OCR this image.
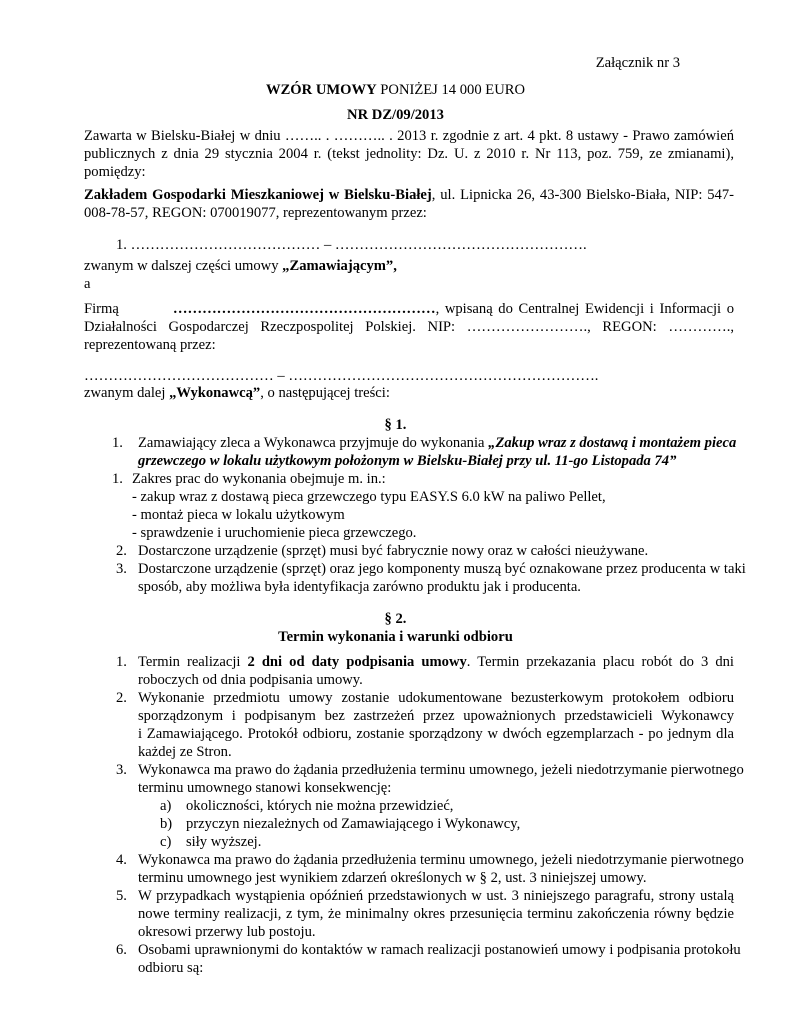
Załącznik nr 3
WZÓR UMOWY PONIŻEJ 14 000 EURO
NR DZ/09/2013
Zawarta w Bielsku-Białej w dniu …….. . ……….. . 2013 r. zgodnie z art. 4 pkt. 8 ustawy - Prawo zamówień
publicznych z dnia 29 stycznia 2004 r. (tekst jednolity: Dz. U. z 2010 r. Nr 113, poz. 759, ze zmianami),
pomiędzy:
Zakładem Gospodarki Mieszkaniowej w Bielsku-Białej, ul. Lipnicka 26, 43-300 Bielsko-Biała, NIP: 547-
008-78-57, REGON: 070019077, reprezentowanym przez:
1. ………………………………… – …………………………………………….
zwanym w dalszej części umowy „Zamawiającym”,
a
Firmą	………………………………………………, wpisaną do Centralnej Ewidencji i Informacji o
Działalności Gospodarczej Rzeczpospolitej Polskiej. NIP: ……………………., REGON: ………….,
reprezentowaną przez:
………………………………… – ……………………………………………………….
zwanym dalej „Wykonawcą”, o następującej treści:
§ 1.
1. Zamawiający zleca a Wykonawca przyjmuje do wykonania „Zakup wraz z dostawą i montażem pieca
grzewczego w lokalu użytkowym położonym w Bielsku-Białej przy ul. 11-go Listopada 74”
1. Zakres prac do wykonania obejmuje m. in.:
- zakup wraz z dostawą pieca grzewczego typu EASY.S 6.0 kW na paliwo Pellet,
- montaż pieca w lokalu użytkowym
- sprawdzenie i uruchomienie pieca grzewczego.
2. Dostarczone urządzenie (sprzęt) musi być fabrycznie nowy oraz w całości nieużywane.
3. Dostarczone urządzenie (sprzęt) oraz jego komponenty muszą być oznakowane przez producenta w taki
sposób, aby możliwa była identyfikacja zarówno produktu jak i producenta.
§ 2.
Termin wykonania i warunki odbioru
1. Termin realizacji 2 dni od daty podpisania umowy. Termin przekazania placu robót do 3 dni
roboczych od dnia podpisania umowy.
2. Wykonanie przedmiotu umowy zostanie udokumentowane bezusterkowym protokołem odbioru
sporządzonym i podpisanym bez zastrzeżeń przez upoważnionych przedstawicieli Wykonawcy
i Zamawiającego. Protokół odbioru, zostanie sporządzony w dwóch egzemplarzach - po jednym dla
każdej ze Stron.
3. Wykonawca ma prawo do żądania przedłużenia terminu umownego, jeżeli niedotrzymanie pierwotnego
terminu umownego stanowi konsekwencję:
a) okoliczności, których nie można przewidzieć,
b) przyczyn niezależnych od Zamawiającego i Wykonawcy,
c) siły wyższej.
4. Wykonawca ma prawo do żądania przedłużenia terminu umownego, jeżeli niedotrzymanie pierwotnego
terminu umownego jest wynikiem zdarzeń określonych w § 2, ust. 3 niniejszej umowy.
5. W przypadkach wystąpienia opóźnień przedstawionych w ust. 3 niniejszego paragrafu, strony ustalą
nowe terminy realizacji, z tym, że minimalny okres przesunięcia terminu zakończenia równy będzie
okresowi przerwy lub postoju.
6. Osobami uprawnionymi do kontaktów w ramach realizacji postanowień umowy i podpisania protokołu
odbioru są:
